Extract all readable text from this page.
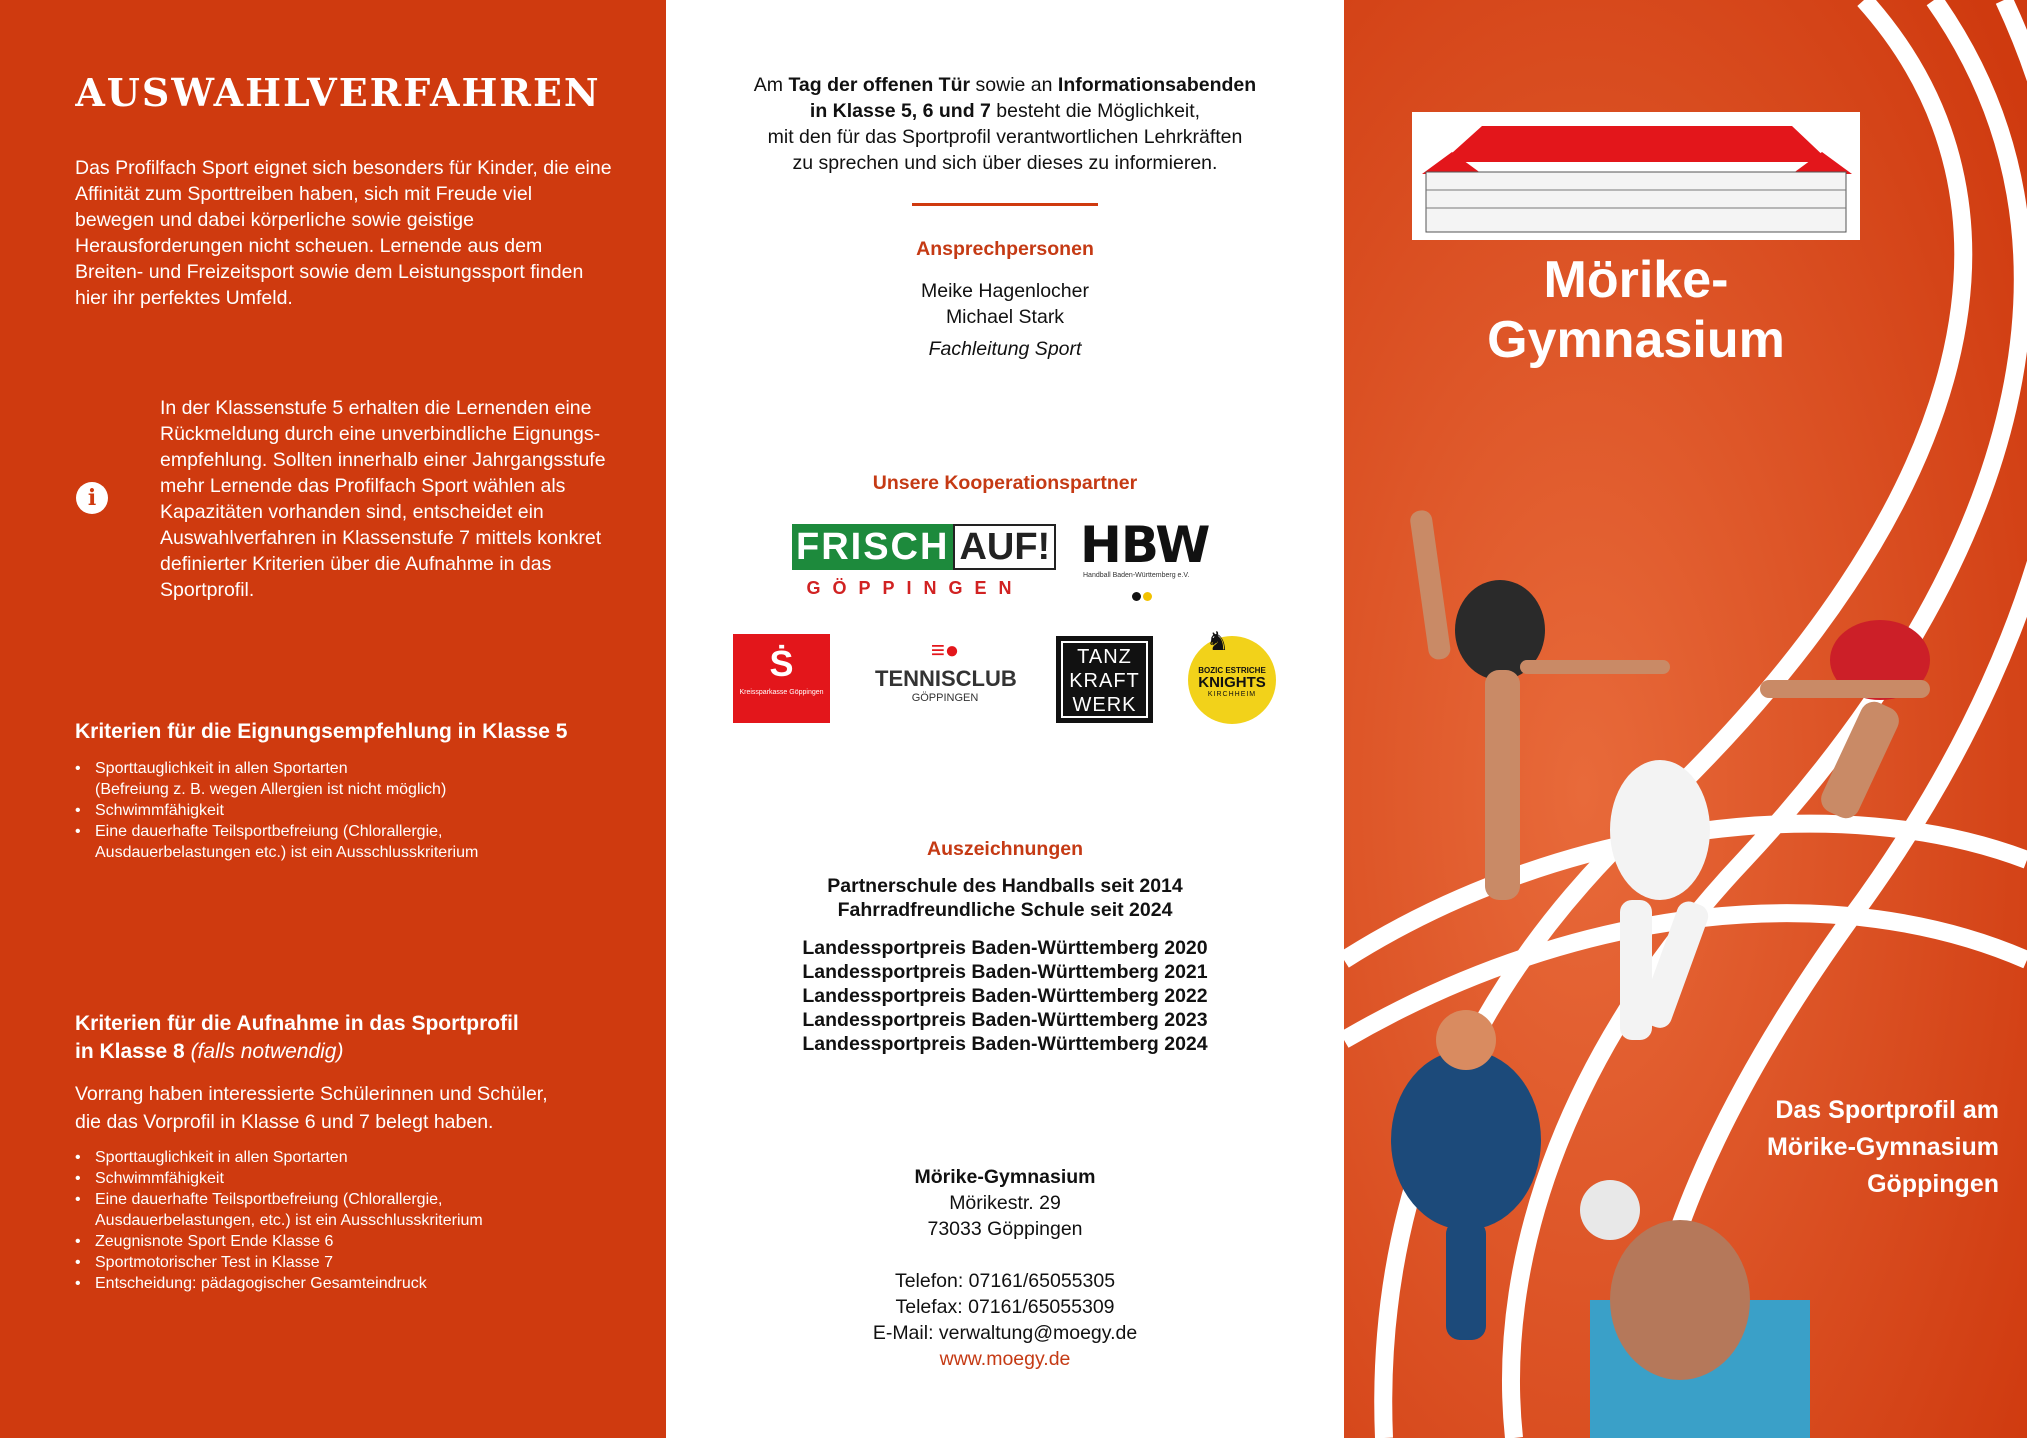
AUSWAHLVERFAHREN

Das Profilfach Sport eignet sich besonders für Kinder, die eine Affinität zum Sporttreiben haben, sich mit Freude viel bewegen und dabei körperliche sowie geistige Herausforderungen nicht scheuen. Lernende aus dem Breiten- und Freizeitsport sowie dem Leistungssport finden hier ihr perfektes Umfeld.

i

In der Klassenstufe 5 erhalten die Lernenden eine Rückmeldung durch eine unverbindliche Eignungs-empfehlung. Sollten innerhalb einer Jahrgangsstufe mehr Lernende das Profilfach Sport wählen als Kapazitäten vorhanden sind, entscheidet ein Auswahlverfahren in Klassenstufe 7 mittels konkret definierter Kriterien über die Aufnahme in das Sportprofil.

Kriterien für die Eignungsempfehlung in Klasse 5
• Sporttauglichkeit in allen Sportarten
(Befreiung z. B. wegen Allergien ist nicht möglich)
• Schwimmfähigkeit
• Eine dauerhafte Teilsportbefreiung (Chlorallergie,
Ausdauerbelastungen etc.) ist ein Ausschlusskriterium
Kriterien für die Aufnahme in das Sportprofil
in Klasse 8 (falls notwendig)

Vorrang haben interessierte Schülerinnen und Schüler, die das Vorprofil in Klasse 6 und 7 belegt haben.

• Sporttauglichkeit in allen Sportarten
• Schwimmfähigkeit
• Eine dauerhafte Teilsportbefreiung (Chlorallergie,
Ausdauerbelastungen, etc.) ist ein Ausschlusskriterium
• Zeugnisnote Sport Ende Klasse 6
• Sportmotorischer Test in Klasse 7
• Entscheidung: pädagogischer Gesamteindruck
Am Tag der offenen Tür sowie an Informationsabenden
in Klasse 5, 6 und 7 besteht die Möglichkeit,
mit den für das Sportprofil verantwortlichen Lehrkräften
zu sprechen und sich über dieses zu informieren.
Ansprechpersonen
Meike Hagenlocher
Michael Stark
Fachleitung Sport
Unsere Kooperationspartner
FRISCH AUF!
GÖPPINGEN
HBW
Handball Baden-Württemberg e.V.
Ṡ
Kreissparkasse Göppingen
≡●
TENNISCLUB
GÖPPINGEN
TANZ
KRAFT
WERK
♞
BOZIC ESTRICHE
KNIGHTS
KIRCHHEIM
Auszeichnungen
Partnerschule des Handballs seit 2014
Fahrradfreundliche Schule seit 2024
Landessportpreis Baden-Württemberg 2020
Landessportpreis Baden-Württemberg 2021
Landessportpreis Baden-Württemberg 2022
Landessportpreis Baden-Württemberg 2023
Landessportpreis Baden-Württemberg 2024
Mörike-Gymnasium
Mörikestr. 29
73033 Göppingen
Telefon: 07161/65055305
Telefax: 07161/65055309
E-Mail: verwaltung@moegy.de
www.moegy.de
Mörike-Gymnasium
Das Sportprofil am
Mörike-Gymnasium
Göppingen
